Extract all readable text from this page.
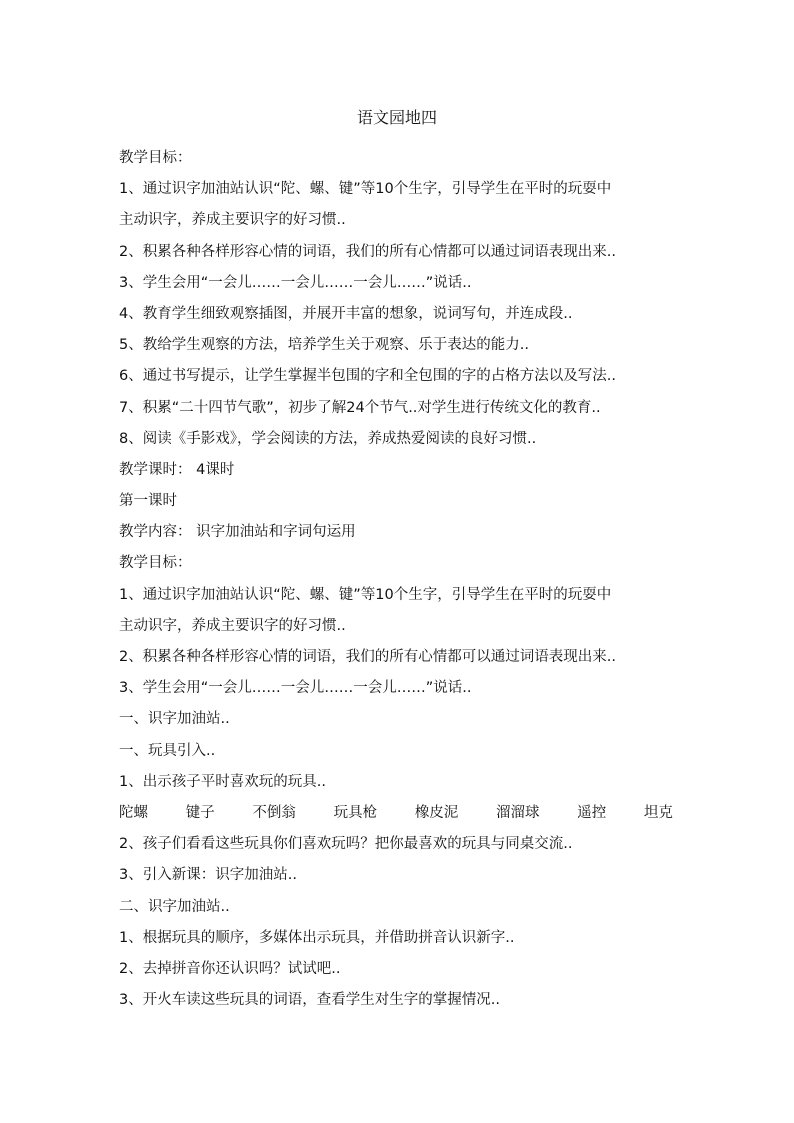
语文园地四
教学目标：
1、通过识字加油站认识“陀、螺、键”等10个生字，引导学生在平时的玩耍中
主动识字，养成主要识字的好习惯..
2、积累各种各样形容心情的词语，我们的所有心情都可以通过词语表现出来..
3、学生会用“一会儿……一会儿……一会儿……”说话..
4、教育学生细致观察插图，并展开丰富的想象，说词写句，并连成段..
5、教给学生观察的方法，培养学生关于观察、乐于表达的能力..
6、通过书写提示，让学生掌握半包围的字和全包围的字的占格方法以及写法..
7、积累“二十四节气歌”，初步了解24个节气..对学生进行传统文化的教育..
8、阅读《手影戏》，学会阅读的方法，养成热爱阅读的良好习惯..
教学课时： 4课时
第一课时
教学内容： 识字加油站和字词句运用
教学目标：
1、通过识字加油站认识“陀、螺、键”等10个生字，引导学生在平时的玩耍中
主动识字，养成主要识字的好习惯..
2、积累各种各样形容心情的词语，我们的所有心情都可以通过词语表现出来..
3、学生会用“一会儿……一会儿……一会儿……”说话..
一、识字加油站..
一、玩具引入..
1、出示孩子平时喜欢玩的玩具..
陀螺	键子	不倒翁	玩具枪	橡皮泥	溜溜球	遥控	坦克
2、孩子们看看这些玩具你们喜欢玩吗？把你最喜欢的玩具与同桌交流..
3、引入新课：识字加油站..
二、识字加油站..
1、根据玩具的顺序，多媒体出示玩具，并借助拼音认识新字..
2、去掉拼音你还认识吗？试试吧..
3、开火车读这些玩具的词语，查看学生对生字的掌握情况..
